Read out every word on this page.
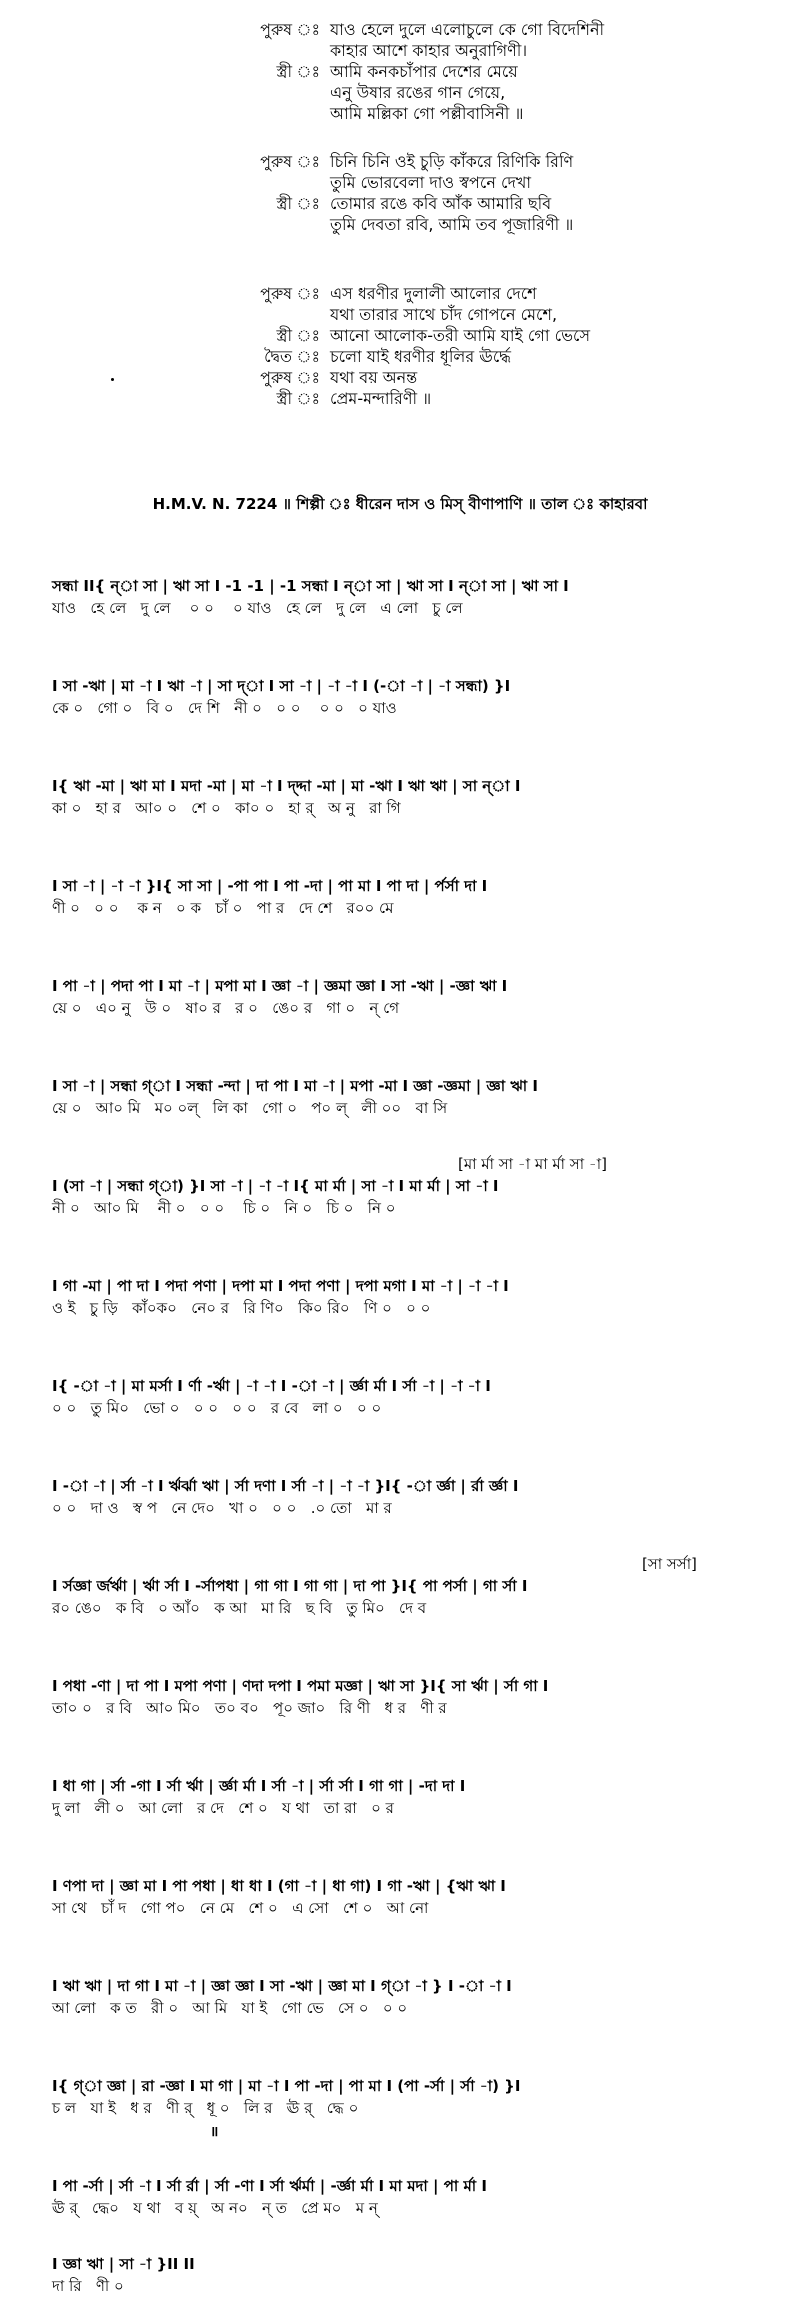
পুরুষ ঃ যাও হেলে দুলে এলোচুলে কে গো বিদেশিনী
কাহার আশে কাহার অনুরাগিণী।
স্ত্রী ঃ আমি কনকচাঁপার দেশের মেয়ে
এনু উষার রঙের গান গেয়ে,
আমি মল্লিকা গো পল্লীবাসিনী ॥
পুরুষ ঃ চিনি চিনি ওই চুড়ি কাঁকরে রিণিকি রিণি
তুমি ভোরবেলা দাও স্বপনে দেখা
স্ত্রী ঃ তোমার রঙে কবি আঁক আমারি ছবি
তুমি দেবতা রবি, আমি তব পূজারিণী ॥
পুরুষ ঃ এস ধরণীর দুলালী আলোর দেশে
যথা তারার সাথে চাঁদ গোপনে মেশে,
স্ত্রী ঃ আনো আলোক-তরী আমি যাই গো ভেসে
দ্বৈত ঃ চলো যাই ধরণীর ধূলির ঊর্দ্ধে
পুরুষ ঃ যথা বয় অনন্ত
স্ত্রী ঃ প্রেম-মন্দারিণী ॥
H.M.V. N. 7224 ॥ শিল্পী ঃ ধীরেন দাস ও মিস্ বীণাপাণি ॥ তাল ঃ কাহারবা
সন্ধা II{ ন্া সা | ঋা সা I -1 -1 | -1 সন্ধা I ন্া সা | ঋা সা I ন্া সা | ঋা সা I
যাও   হে লে   দু লে    ০ ০    ০ যাও   হে লে   দু লে   এ লো   চু লে
I সা -ঋা | মা -া I ঋা -া | সা দ্া I সা -া | -া -া I (-া -া | -া সন্ধা) }I
কে ০   গো ০   বি ০   দে শি   নী ০   ০ ০    ০ ০   ০ যাও
I{ ঋা -মা | ঋা মা I মদা -মা | মা -া I দ্দ্দা -মা | মা -ঋা I ঋা ঋা | সা ন্া I
কা ০   হা র   আ০ ০   শে ০   কা০ ০   হা র্   অ নু   রা গি
I সা -া | -া -া }I{ সা সা | -পা পা I পা -দা | পা মা I পা দা | র্পর্সা দা I
ণী ০   ০ ০    ক ন   ০ ক   চাঁ ০   পা র   দে শে   র০০ মে
I পা -া | পদা পা I মা -া | মপা মা I জ্ঞা -া | জ্ঞমা জ্ঞা I সা -ঋা | -জ্ঞা ঋা I
য়ে ০   এ০ নু   উ ০   ষা০ র   র ০   ঙে০ র   গা ০   ন্ গে
I সা -া | সন্ধা গ্া I সন্ধা -ন্দা | দা পা I মা -া | মপা -মা I জ্ঞা -জ্ঞমা | জ্ঞা ঋা I
য়ে ০   আ০ মি   ম০ ০ল্   লি কা   গো ০   প০ ল্   লী ০০   বা সি
[মা র্মা সা -া মা র্মা সা -া]
I (সা -া | সন্ধা গ্া) }I সা -া | -া -া I{ মা র্মা | সা -া I মা র্মা | সা -া I
নী ০   আ০ মি    নী ০   ০ ০    চি ০   নি ০   চি ০   নি ০
I গা -মা | পা দা I পদা পণা | দপা মা I পদা পণা | দপা মগা I মা -া | -া -া I
ও ই   চু ড়ি   কাঁ০ক০   নে০ র   রি ণি০   কি০ রি০   ণি ০   ০ ০
I{ -া -া | মা মর্সা I র্ণা -র্ঋা | -া -া I -া -া | র্জ্ঞা র্মা I র্সা -া | -া -া I
০ ০   তু মি০   ভো ০   ০ ০   ০ ০   র বে   লা ০   ০ ০
I -া -া | র্সা -া I র্ঋর্ঝা ঋা | র্সা দণা I র্সা -া | -া -া }I{ -া র্জ্ঞা | র্রা র্জ্ঞা I
০ ০   দা ও   স্ব প   নে দে০   খা ০   ০ ০   .০ তো   মা র
[সা সর্সা]
I র্সজ্ঞা র্জর্ঋা | র্ঋা র্সা I -র্সাপধা | গা গা I গা গা | দা পা }I{ পা পর্সা | গা র্সা I
র০ ঙে০   ক বি   ০ আঁ০   ক আ   মা রি   ছ বি   তু মি০   দে ব
I পধা -ণা | দা পা I মপা পণা | ণদা দপা I পমা মজ্ঞা | ঋা সা }I{ সা র্ঋা | র্সা গা I
তা০ ০   র বি   আ০ মি০   ত০ ব০   পূ০ জা০   রি ণী   ধ র   ণী র
I ধা গা | র্সা -গা I র্সা র্ঋা | র্জ্ঞা র্মা I র্সা -া | র্সা র্সা I গা গা | -দা দা I
দু লা   লী ০   আ লো   র দে   শে ০   য থা   তা রা   ০ র
I ণপা দা | জ্ঞা মা I পা পধা | ধা ধা I (গা -া | ধা গা) I গা -ঋা | {ঋা ঋা I
সা থে   চাঁ দ   গো প০   নে মে   শে ০   এ সো   শে ০   আ নো
I ঋা ঋা | দা গা I মা -া | জ্ঞা জ্ঞা I সা -ঋা | জ্ঞা মা I গ্া -া } I -া -া I
আ লো   ক ত   রী ০   আ মি   যা ই   গো ভে   সে ০   ০ ০
I{ গ্া জ্ঞা | রা -জ্ঞা I মা গা | মা -া I পা -দা | পা মা I (পা -র্সা | র্সা -া) }I
চ ল   যা ই   ধ র   ণী র্   ধূ ০   লি র   ঊ র্   দ্ধে ০
I পা -র্সা | র্সা -া I র্সা র্রা | র্সা -ণা I র্সা র্ঋর্মা | -র্জ্ঞা র্মা I মা মদা | পা র্মা I
ঊ র্   দ্ধে০   য থা   ব য়্   অ ন০   ন্ ত   প্রে ম০   ম ন্
I জ্ঞা ঋা | সা -া }II II
দা রি   ণী ০
॥
